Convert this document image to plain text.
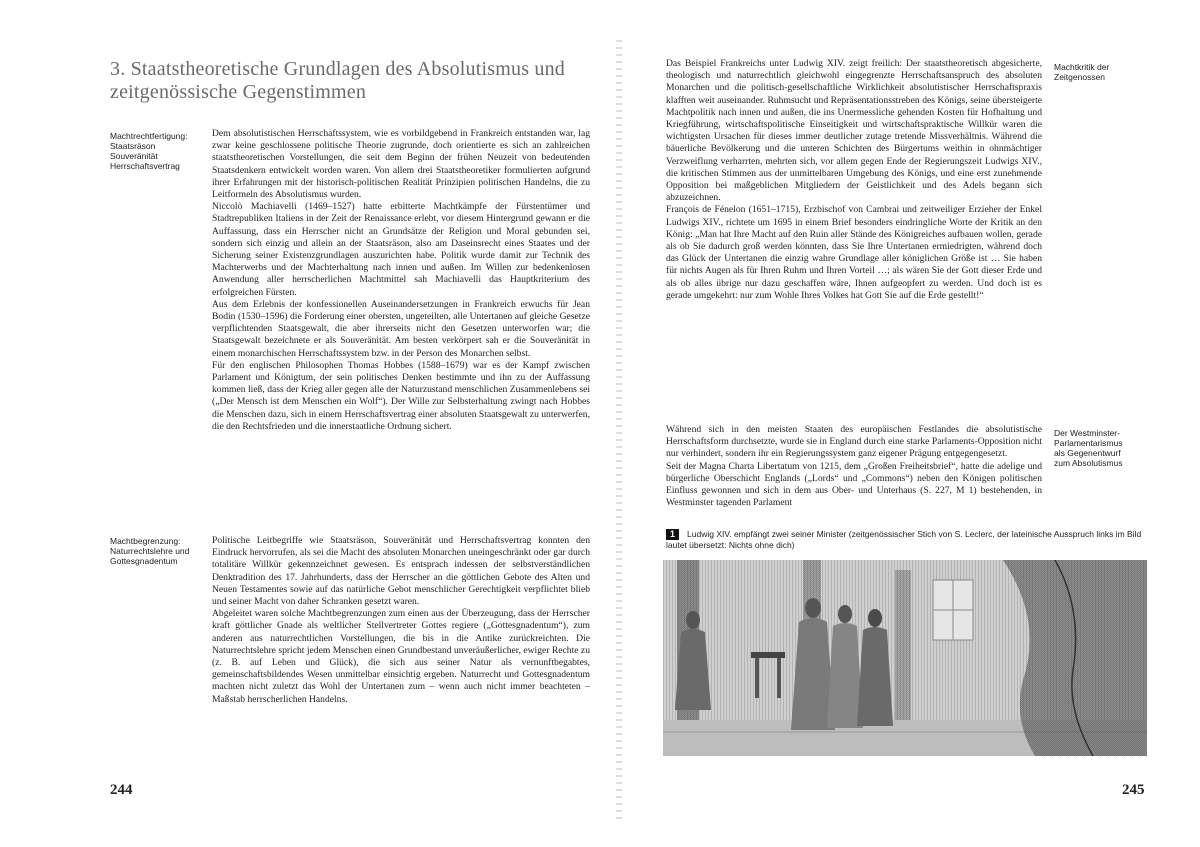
3. Staatstheoretische Grundlagen des Absolutismus und zeitgenössische Gegenstimmen

Machtrechtfertigung: Staatsräson Souveränität Herrschaftsvertrag

Machtbegrenzung: Naturrechtslehre und Gottesgnadentum

Dem absolutistischen Herrschaftssystem, wie es vorbildgebend in Frankreich entstanden war, lag zwar keine geschlossene politische Theorie zugrunde, doch orientierte es sich an zahlreichen staatstheoretischen Vorstellungen, die seit dem Beginn der frühen Neuzeit von bedeutenden Staatsdenkern entwickelt worden waren. Von allem drei Staatstheoretiker formulierten aufgrund ihrer Erfahrungen mit der historisch-politischen Realität Prinzipien politischen Handelns, die zu Leitformeln des Absolutismus wurden.

Niccolò Machiavelli (1469–1527) hatte erbitterte Machtkämpfe der Fürstentümer und Stadtrepubliken Italiens in der Zeit der Renaissance erlebt, vor diesem Hintergrund gewann er die Auffassung, dass ein Herrscher nicht an Grundsätze der Religion und Moral gebunden sei, sondern sich einzig und allein an der Staatsräson, also am Daseinsrecht eines Staates und der Sicherung seiner Existenzgrundlagen auszurichten habe. Politik wurde damit zur Technik des Machterwerbs und der Machterhaltung nach innen und außen. Im Willen zur bedenkenlosen Anwendung aller herrscherlichen Machtmittel sah Machiavelli das Hauptkriterium des erfolgreichen Fürsten.

Aus dem Erlebnis der konfessionellen Auseinandersetzungen in Frankreich erwuchs für Jean Bodin (1530–1596) die Forderung einer obersten, ungeteilten, alle Untertanen auf gleiche Gesetze verpflichtenden Staatsgewalt, die aber ihrerseits nicht den Gesetzen unterworfen war; die Staatsgewalt bezeichnete er als Souveränität. Am besten verkörpert sah er die Souveränität in einem monarchischen Herrschaftssystem bzw. in der Person des Monarchen selbst.

Für den englischen Philosophen Thomas Hobbes (1588–1679) war es der Kampf zwischen Parlament und Königtum, der sein politisches Denken bestimmte und ihn zu der Auffassung kommen ließ, dass der Krieg aller gegen alle der Naturzustand menschlichen Zusammenlebens sei („Der Mensch ist dem Menschen ein Wolf“). Der Wille zur Selbsterhaltung zwingt nach Hobbes die Menschen dazu, sich in einem Herrschaftsvertrag einer absoluten Staatsgewalt zu unterwerfen, die den Rechtsfrieden und die innerstaatliche Ordnung sichert.

Politische Leitbegriffe wie Staatsräson, Souveränität und Herrschaftsvertrag konnten den Eindruck hervorrufen, als sei die Macht des absoluten Monarchen uneingeschränkt oder gar durch totalitäre Willkür gekennzeichnet gewesen. Es entsprach indessen der selbstverständlichen Denktradition des 17. Jahrhunderts, dass der Herrscher an die göttlichen Gebote des Alten und Neuen Testamentes sowie auf das natürliche Gebot menschlicher Gerechtigkeit verpflichtet blieb und seiner Macht von daher Schranken gesetzt waren.

Abgeleitet waren solche Machtbegrenzungen zum einen aus der Überzeugung, dass der Herrscher kraft göttlicher Gnade als weltlicher Stellvertreter Gottes regiere („Gottesgnadentum“), zum anderen aus naturrechtlichen Vorstellungen, die bis in die Antike zurückreichten. Die Naturrechtslehre spricht jedem Menschen einen Grundbestand unveräußerlicher, ewiger Rechte zu (z. B. auf Leben und Glück), die sich aus seiner Natur als vernunftbegabtes, gemeinschaftsbildendes Wesen unmittelbar einsichtig ergeben. Naturrecht und Gottesgnadentum machten nicht zuletzt das Wohl der Untertanen zum – wenn auch nicht immer beachteten – Maßstab herrscherlichen Handelns.

244

Machtkritik der Zeitgenossen

Der Westminster-Parlamentarismus als Gegenentwurf zum Absolutismus

Das Beispiel Frankreichs unter Ludwig XIV. zeigt freilich: Der staatstheoretisch abgesicherte, theologisch und naturrechtlich gleichwohl eingegrenzte Herrschaftsanspruch des absoluten Monarchen und die politisch-gesellschaftliche Wirklichkeit absolutistischer Herrschaftspraxis klafften weit auseinander. Ruhmsucht und Repräsentationsstreben des Königs, seine übersteigerte Machtpolitik nach innen und außen, die ins Unermessliche gehenden Kosten für Hofhaltung und Kriegführung, wirtschaftspolitische Einseitigkeit und wirtschaftspraktische Willkür waren die wichtigsten Ursachen für dieses immer deutlicher zutage tretende Missverhältnis. Während die bäuerliche Bevölkerung und die unteren Schichten des Bürgertums weithin in ohnmächtiger Verzweiflung verharrten, mehrten sich, vor allem gegen Ende der Regierungszeit Ludwigs XIV., die kritischen Stimmen aus der unmittelbaren Umgebung des Königs, und eine erst zunehmende Opposition bei maßgeblichen Mitgliedern der Geistlichkeit und des Adels begann sich abzuzeichnen.

François de Fénelon (1651–1715), Erzbischof von Cambrai und zeitweiliger Erzieher der Enkel Ludwigs XIV., richtete um 1695 in einem Brief besonders eindringliche Worte der Kritik an den König: „Man hat Ihre Macht auf den Ruin aller Stände des Königreiches aufbauen wollen, gerade als ob Sie dadurch groß werden könnten, dass Sie Ihre Untertanen ermiedrigten, während doch das Glück der Untertanen die einzig wahre Grundlage aller königlichen Größe ist … Sie haben für nichts Augen als für Ihren Ruhm und Ihren Vorteil …; als wären Sie der Gott dieser Erde und als ob alles übrige nur dazu geschaffen wäre, Ihnen aufgeopfert zu werden. Und doch ist es gerade umgekehrt: nur zum Wohle Ihres Volkes hat Gott Sie auf die Erde gestellt!“

Während sich in den meisten Staaten des europäischen Festlandes die absolutistische Herrschaftsform durchsetzte, wurde sie in England durch eine starke Parlaments-Opposition nicht nur verhindert, sondern ihr ein Regierungssystem ganz eigener Prägung entgegengesetzt.

Seit der Magna Charta Libertatum von 1215, dem „Großen Freiheitsbrief“, hatte die adelige und bürgerliche Oberschicht Englands („Lords“ und „Commons“) neben den Königen politischen Einfluss gewonnen und sich in dem aus Ober- und Unterhaus (S. 227, M 1) bestehenden, in Westminster tagenden Parlament

1 Ludwig XIV. empfängt zwei seiner Minister (zeitgenössischer Stich von S. Leclerc, der lateinische Ausspruch links im Bild lautet übersetzt: Nichts ohne dich)

245
